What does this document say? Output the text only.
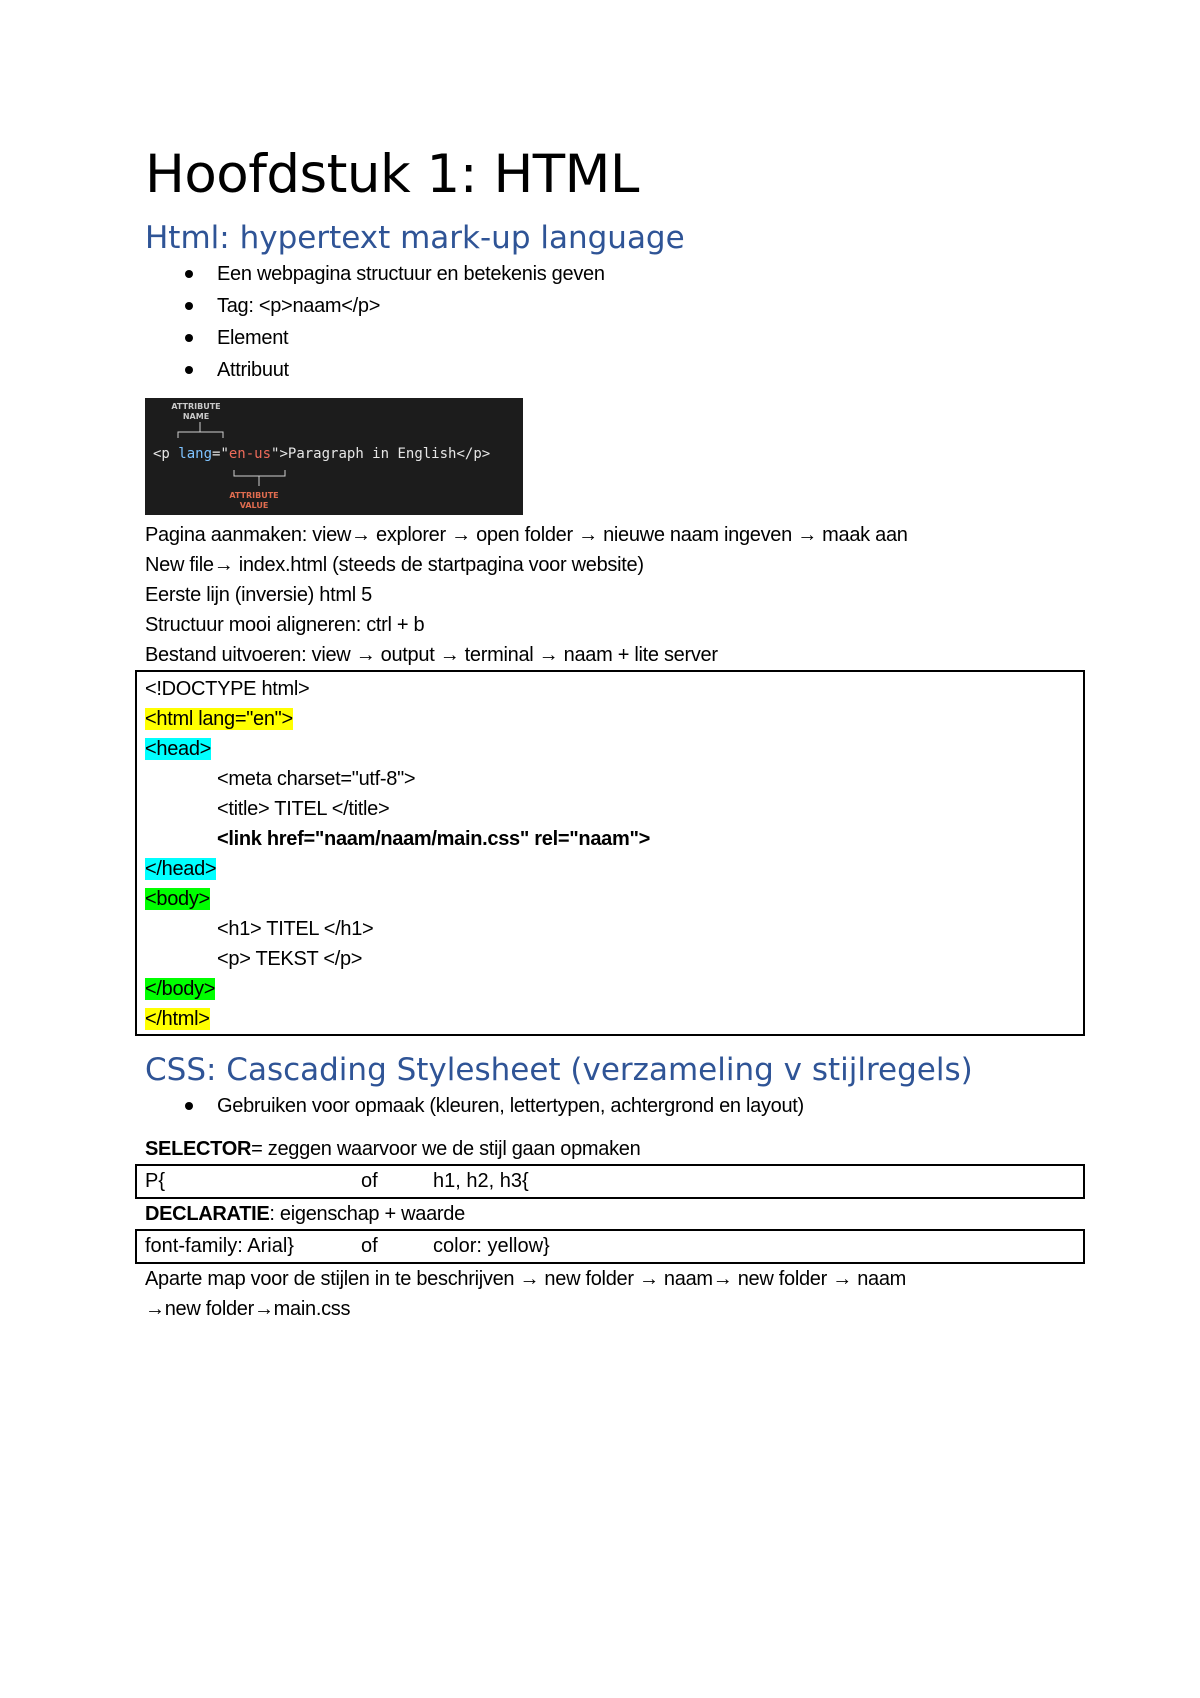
Hoofdstuk 1: HTML
Html: hypertext mark-up language
Een webpagina structuur en betekenis geven
Tag: <p>naam</p>
Element
Attribuut
ATTRIBUTE
NAME
<p lang="en-us">Paragraph in English</p>
ATTRIBUTE
VALUE
Pagina aanmaken: view→ explorer → open folder → nieuwe naam ingeven → maak aan
New file→ index.html (steeds de startpagina voor website)
Eerste lijn (inversie) html 5
Structuur mooi aligneren: ctrl + b
Bestand uitvoeren: view → output → terminal → naam + lite server
<!DOCTYPE html>
<html lang="en">
<head>
<meta charset="utf-8">
<title> TITEL </title>
<link href="naam/naam/main.css" rel="naam">
</head>
<body>
<h1> TITEL </h1>
<p> TEKST </p>
</body>
</html>
CSS: Cascading Stylesheet (verzameling v stijlregels)
Gebruiken voor opmaak (kleuren, lettertypen, achtergrond en layout)
SELECTOR= zeggen waarvoor we de stijl gaan opmaken
P{	of	h1, h2, h3{
DECLARATIE: eigenschap + waarde
font-family: Arial}	of	color: yellow}
Aparte map voor de stijlen in te beschrijven → new folder → naam→ new folder → naam
→new folder→main.css
